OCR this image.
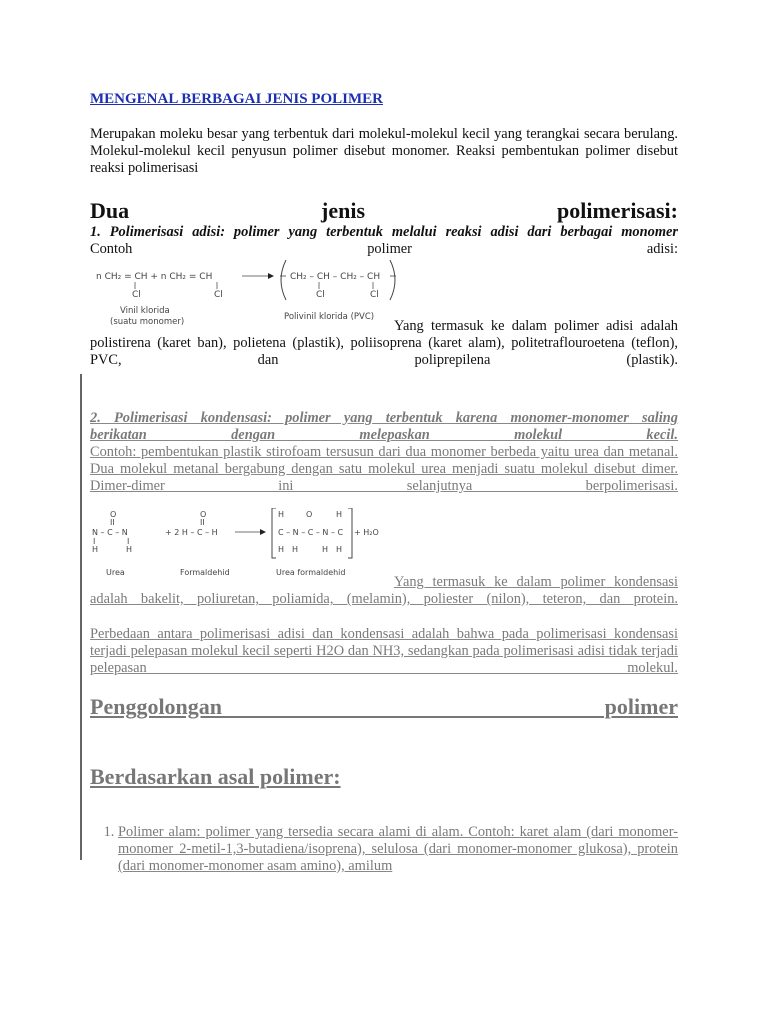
MENGENAL BERBAGAI JENIS POLIMER
Merupakan moleku besar yang terbentuk dari molekul-molekul kecil yang terangkai secara berulang. Molekul-molekul kecil penyusun polimer disebut monomer. Reaksi pembentukan polimer disebut reaksi polimerisasi
Dua jenis polimerisasi:
1. Polimerisasi adisi: polimer yang terbentuk melalui reaksi adisi dari berbagai monomer
Contoh polimer adisi:
n CH₂ = CH + n CH₂ = CH
Cl	Cl
CH₂ – CH – CH₂ – CH
Cl	Cl
Vinil klorida
(suatu monomer)	Polivinil klorida (PVC)
Yang termasuk ke dalam polimer adisi adalah polistirena (karet ban), polietena (plastik), poliisoprena (karet alam), politetraflouroetena (teflon), PVC, dan poliprepilena (plastik).
2. Polimerisasi kondensasi: polimer yang terbentuk karena monomer-monomer saling
berikatan dengan melepaskan molekul kecil.
Contoh: pembentukan plastik stirofoam tersusun dari dua monomer berbeda yaitu urea dan metanal. Dua molekul metanal bergabung dengan satu molekul urea menjadi suatu molekul disebut dimer. Dimer-dimer ini selanjutnya berpolimerisasi.
O
II
N – C – N
I	I
H	H
O
II
+ 2 H – C – H
H	O	H
C – N – C – N – C
H H	H H
+ H₂O
Urea	Formaldehid	Urea formaldehid
Yang termasuk ke dalam polimer kondensasi adalah bakelit, poliuretan, poliamida, (melamin), poliester (nilon), teteron, dan protein.
Perbedaan antara polimerisasi adisi dan kondensasi adalah bahwa pada polimerisasi kondensasi terjadi pelepasan molekul kecil seperti H2O dan NH3, sedangkan pada polimerisasi adisi tidak terjadi pelepasan molekul.
Penggolongan polimer
Berdasarkan asal polimer:
1. Polimer alam: polimer yang tersedia secara alami di alam. Contoh: karet alam (dari monomer-monomer 2-metil-1,3-butadiena/isoprena), selulosa (dari monomer-monomer glukosa), protein (dari monomer-monomer asam amino), amilum
